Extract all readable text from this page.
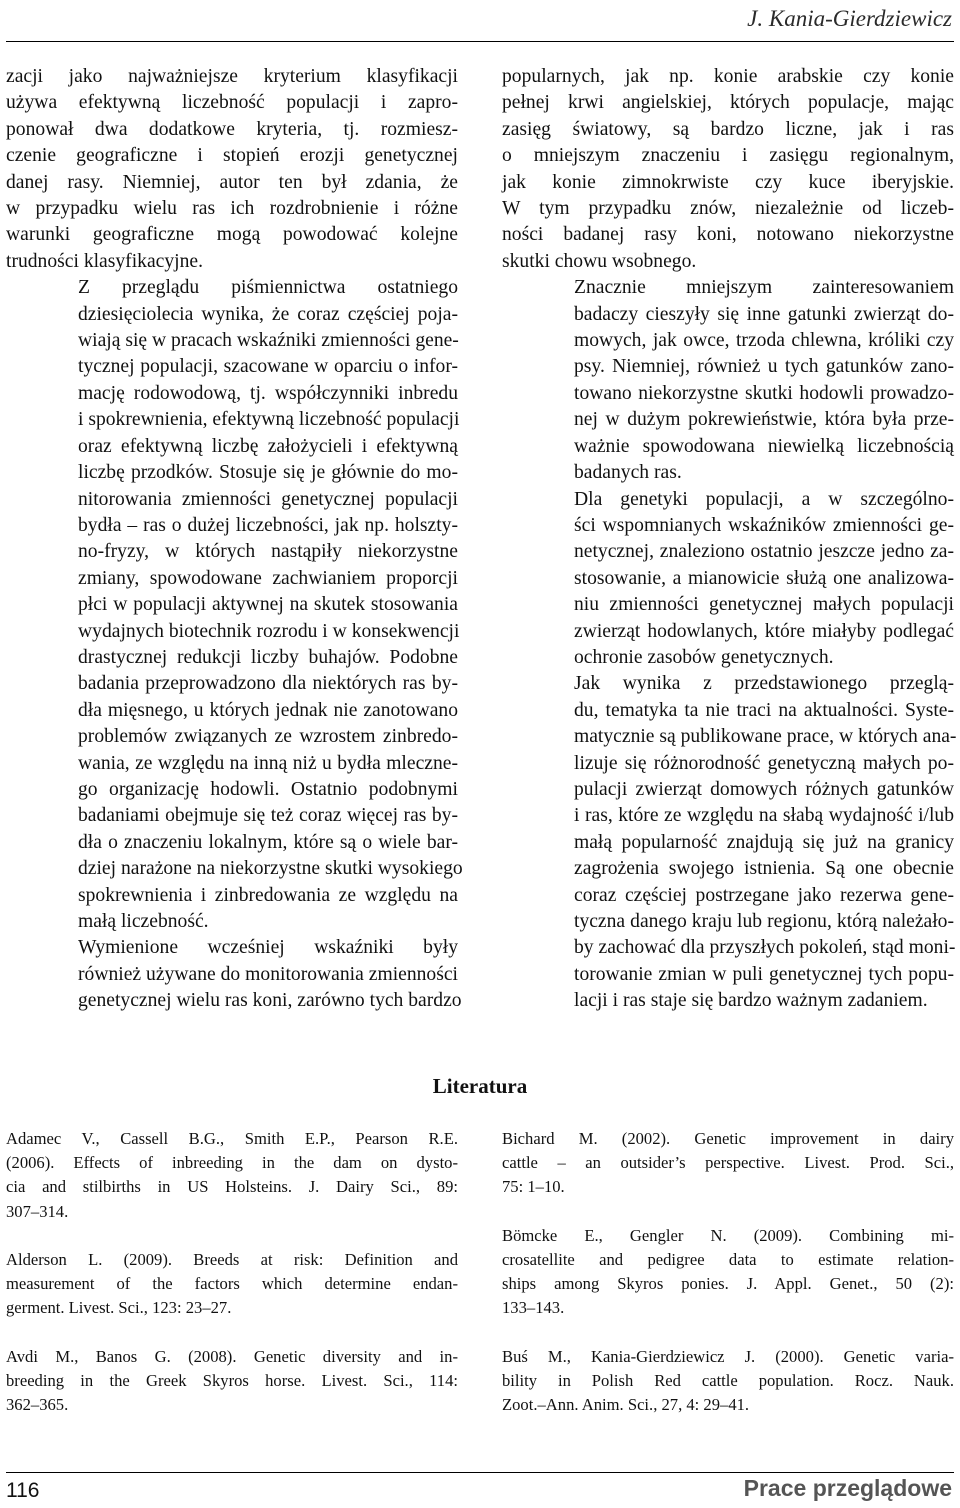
J. Kania-Gierdziewicz

zacji jako najważniejsze kryterium klasyfikacji
używa efektywną liczebność populacji i zapro-
ponował dwa dodatkowe kryteria, tj. rozmiesz-
czenie geograficzne i stopień erozji genetycznej
danej rasy. Niemniej, autor ten był zdania, że
w przypadku wielu ras ich rozdrobnienie i różne
warunki geograficzne mogą powodować kolejne
trudności klasyfikacyjne.

Z przeglądu piśmiennictwa ostatniego
dziesięciolecia wynika, że coraz częściej poja-
wiają się w pracach wskaźniki zmienności gene-
tycznej populacji, szacowane w oparciu o infor-
mację rodowodową, tj. współczynniki inbredu
i spokrewnienia, efektywną liczebność populacji
oraz efektywną liczbę założycieli i efektywną
liczbę przodków. Stosuje się je głównie do mo-
nitorowania zmienności genetycznej populacji
bydła – ras o dużej liczebności, jak np. holszty-
no-fryzy, w których nastąpiły niekorzystne
zmiany, spowodowane zachwianiem proporcji
płci w populacji aktywnej na skutek stosowania
wydajnych biotechnik rozrodu i w konsekwencji
drastycznej redukcji liczby buhajów. Podobne
badania przeprowadzono dla niektórych ras by-
dła mięsnego, u których jednak nie zanotowano
problemów związanych ze wzrostem zinbredo-
wania, ze względu na inną niż u bydła mleczne-
go organizację hodowli. Ostatnio podobnymi
badaniami obejmuje się też coraz więcej ras by-
dła o znaczeniu lokalnym, które są o wiele bar-
dziej narażone na niekorzystne skutki wysokiego
spokrewnienia i zinbredowania ze względu na
małą liczebność.

Wymienione wcześniej wskaźniki były
również używane do monitorowania zmienności
genetycznej wielu ras koni, zarówno tych bardzo

popularnych, jak np. konie arabskie czy konie
pełnej krwi angielskiej, których populacje, mając
zasięg światowy, są bardzo liczne, jak i ras
o mniejszym znaczeniu i zasięgu regionalnym,
jak konie zimnokrwiste czy kuce iberyjskie.
W tym przypadku znów, niezależnie od liczeb-
ności badanej rasy koni, notowano niekorzystne
skutki chowu wsobnego.

Znacznie mniejszym zainteresowaniem
badaczy cieszyły się inne gatunki zwierząt do-
mowych, jak owce, trzoda chlewna, króliki czy
psy. Niemniej, również u tych gatunków zano-
towano niekorzystne skutki hodowli prowadzo-
nej w dużym pokrewieństwie, która była prze-
ważnie spowodowana niewielką liczebnością
badanych ras.

Dla genetyki populacji, a w szczególno-
ści wspomnianych wskaźników zmienności ge-
netycznej, znaleziono ostatnio jeszcze jedno za-
stosowanie, a mianowicie służą one analizowa-
niu zmienności genetycznej małych populacji
zwierząt hodowlanych, które miałyby podlegać
ochronie zasobów genetycznych.

Jak wynika z przedstawionego przeglą-
du, tematyka ta nie traci na aktualności. Syste-
matycznie są publikowane prace, w których ana-
lizuje się różnorodność genetyczną małych po-
pulacji zwierząt domowych różnych gatunków
i ras, które ze względu na słabą wydajność i/lub
małą popularność znajdują się już na granicy
zagrożenia swojego istnienia. Są one obecnie
coraz częściej postrzegane jako rezerwa gene-
tyczna danego kraju lub regionu, którą należało-
by zachować dla przyszłych pokoleń, stąd moni-
torowanie zmian w puli genetycznej tych popu-
lacji i ras staje się bardzo ważnym zadaniem.

Literatura
Adamec V., Cassell B.G., Smith E.P., Pearson R.E.
(2006). Effects of inbreeding in the dam on dysto-
cia and stilbirths in US Holsteins. J. Dairy Sci., 89:
307–314.
Alderson L. (2009). Breeds at risk: Definition and
measurement of the factors which determine endan-
germent. Livest. Sci., 123: 23–27.
Avdi M., Banos G. (2008). Genetic diversity and in-
breeding in the Greek Skyros horse. Livest. Sci., 114:
362–365.
Bichard M. (2002). Genetic improvement in dairy
cattle – an outsider’s perspective. Livest. Prod. Sci.,
75: 1–10.
Bömcke E., Gengler N. (2009). Combining mi-
crosatellite and pedigree data to estimate relation-
ships among Skyros ponies. J. Appl. Genet., 50 (2):
133–143.
Buś M., Kania-Gierdziewicz J. (2000). Genetic varia-
bility in Polish Red cattle population. Rocz. Nauk.
Zoot.–Ann. Anim. Sci., 27, 4: 29–41.
116	Prace przeglądowe
